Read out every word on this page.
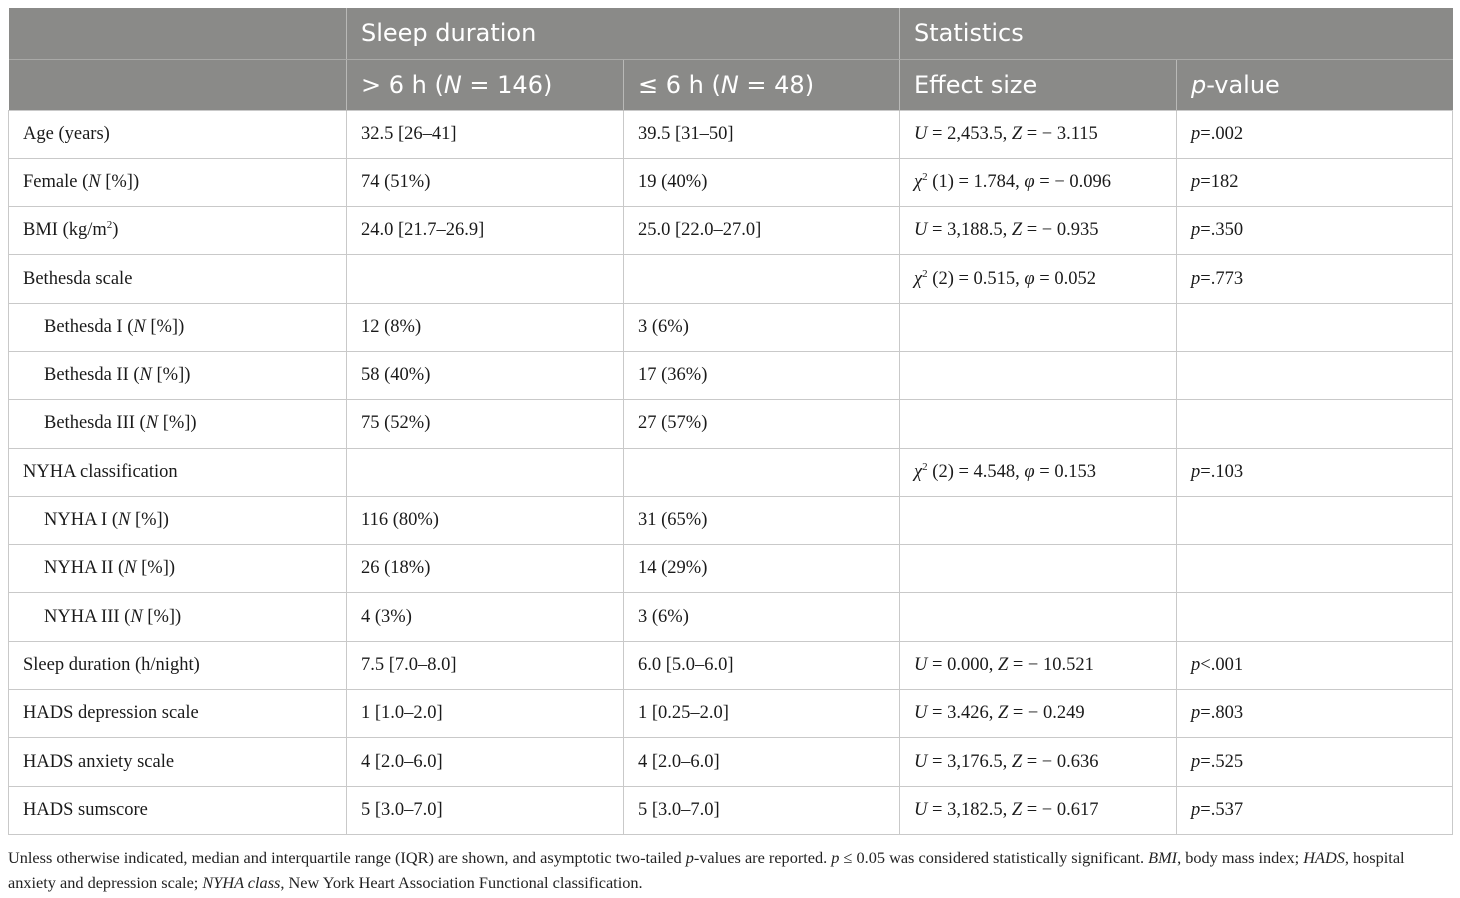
	Sleep duration		Statistics	
	> 6 h (N = 146)	≤ 6 h (N = 48)	Effect size	p-value
Age (years)	32.5 [26–41]	39.5 [31–50]	U = 2,453.5, Z = − 3.115	p=.002
Female (N [%])	74 (51%)	19 (40%)	$\chi^2$ (1) = 1.784, φ = − 0.096	p=182
BMI $(kg/m^2)$	24.0 [21.7–26.9]	25.0 [22.0–27.0]	U = 3,188.5, Z = − 0.935	p=.350
Bethesda scale			$\chi^2$ (2) = 0.515, φ = 0.052	p=.773
Bethesda I (N [%])	12 (8%)	3 (6%)		
Bethesda II (N [%])	58 (40%)	17 (36%)		
Bethesda III (N [%])	75 (52%)	27 (57%)		
NYHA classification			$\chi^2$ (2) = 4.548, φ = 0.153	p=.103
NYHA I (N [%])	116 (80%)	31 (65%)		
NYHA II (N [%])	26 (18%)	14 (29%)		
NYHA III (N [%])	4 (3%)	3 (6%)		
Sleep duration (h/night)	7.5 [7.0–8.0]	6.0 [5.0–6.0]	U = 0.000, Z = − 10.521	p<.001
HADS depression scale	1 [1.0–2.0]	1 [0.25–2.0]	U = 3.426, Z = − 0.249	p=.803
HADS anxiety scale	4 [2.0–6.0]	4 [2.0–6.0]	U = 3,176.5, Z = − 0.636	p=.525
HADS sumscore	5 [3.0–7.0]	5 [3.0–7.0]	U = 3,182.5, Z = − 0.617	p=.537
Unless otherwise indicated, median and interquartile range (IQR) are shown, and asymptotic two-tailed p-values are reported. p ≤ 0.05 was considered statistically significant. BMI, body mass index; HADS, hospital anxiety and depression scale; NYHA class, New York Heart Association Functional classification.
